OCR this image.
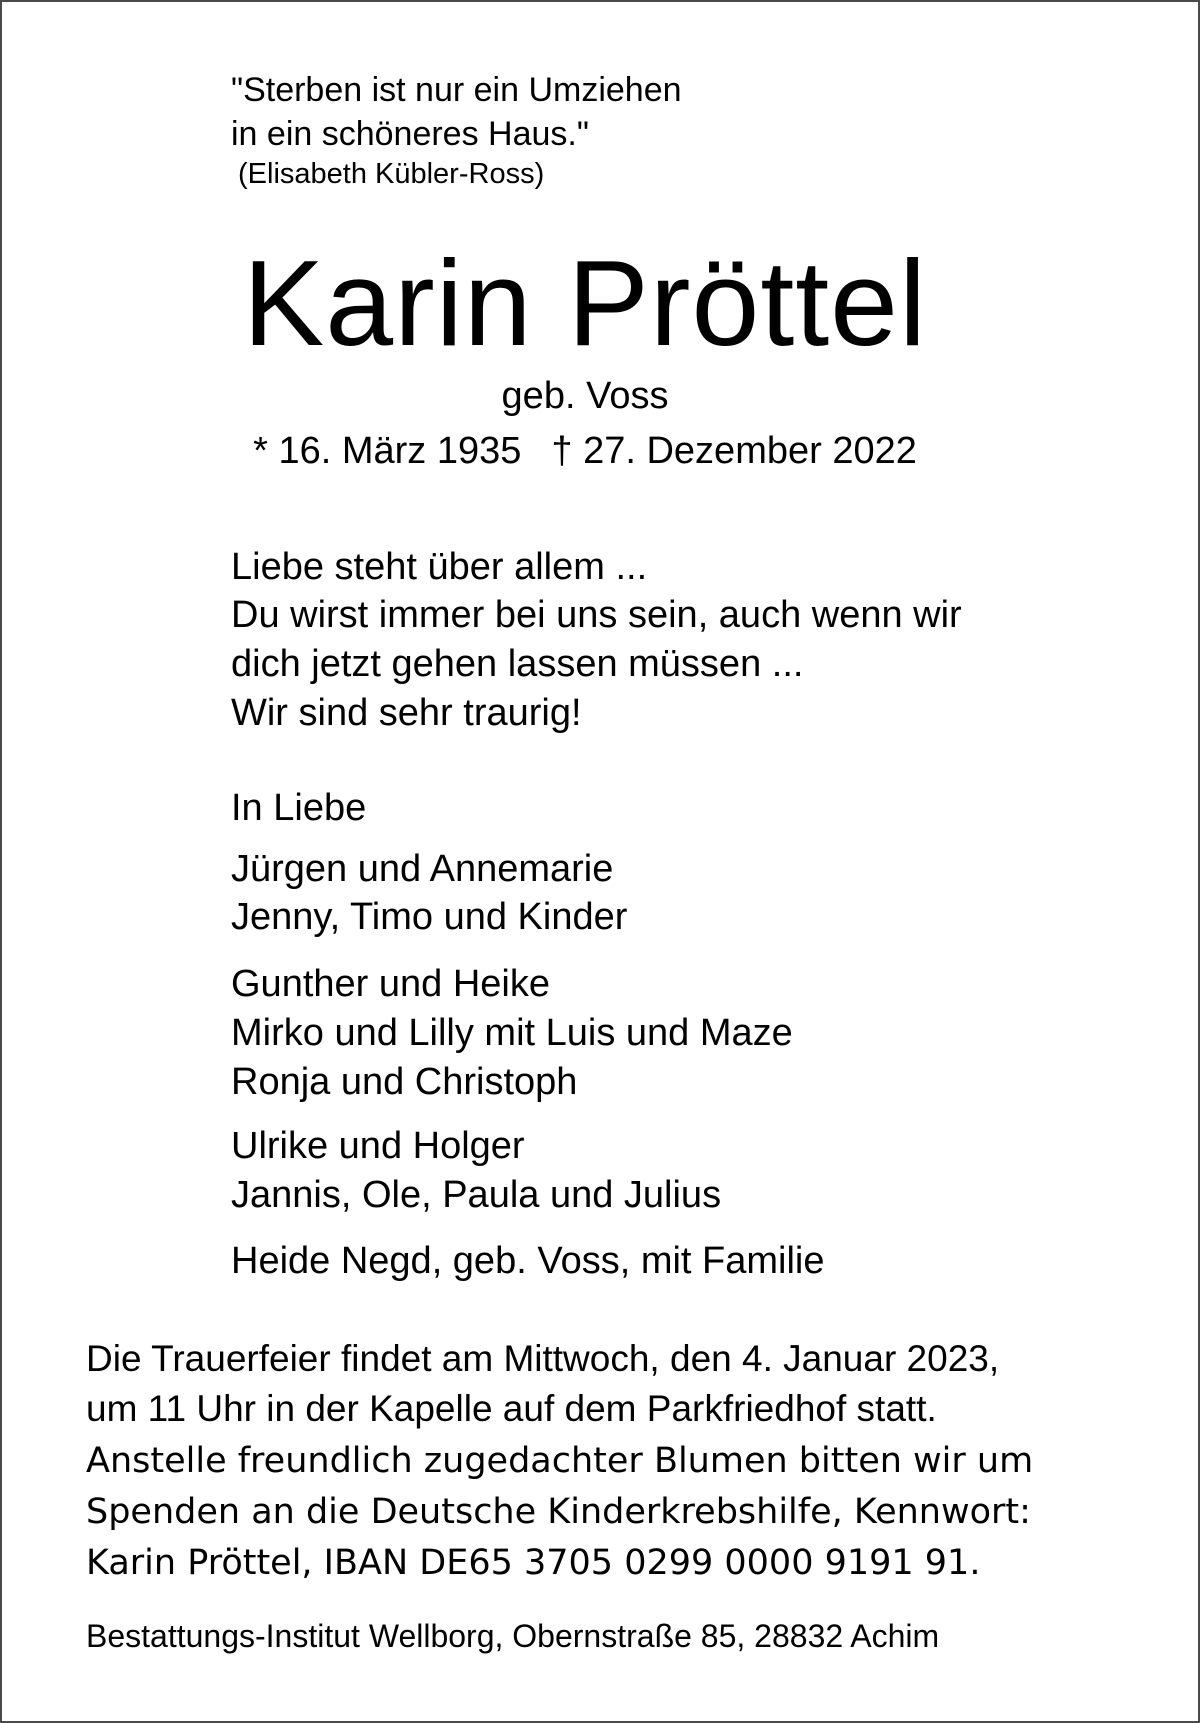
"Sterben ist nur ein Umziehen
in ein schöneres Haus."
(Elisabeth Kübler-Ross)
Karin Pröttel
geb. Voss
* 16. März 1935 † 27. Dezember 2022
Liebe steht über allem ...
Du wirst immer bei uns sein, auch wenn wir
dich jetzt gehen lassen müssen ...
Wir sind sehr traurig!
In Liebe
Jürgen und Annemarie
Jenny, Timo und Kinder
Gunther und Heike
Mirko und Lilly mit Luis und Maze
Ronja und Christoph
Ulrike und Holger
Jannis, Ole, Paula und Julius
Heide Negd, geb. Voss, mit Familie
Die Trauerfeier findet am Mittwoch, den 4. Januar 2023,
um 11 Uhr in der Kapelle auf dem Parkfriedhof statt.
Anstelle freundlich zugedachter Blumen bitten wir um
Spenden an die Deutsche Kinderkrebshilfe, Kennwort:
Karin Pröttel, IBAN DE65 3705 0299 0000 9191 91.
Bestattungs-Institut Wellborg, Obernstraße 85, 28832 Achim
